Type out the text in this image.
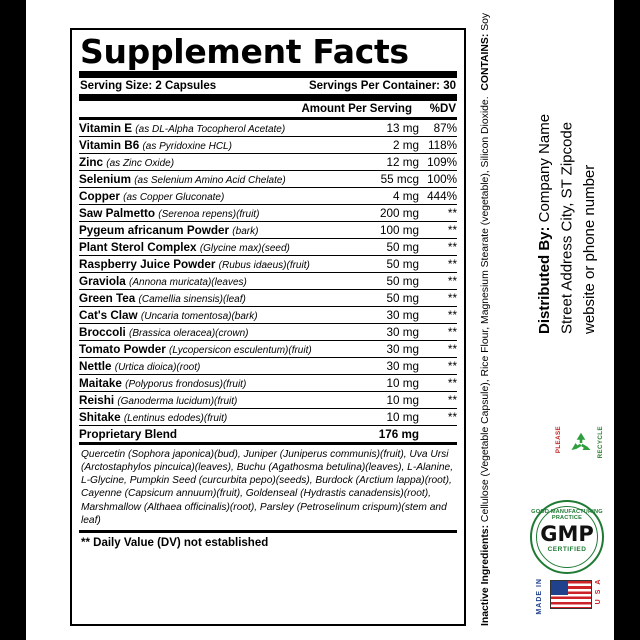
Supplement Facts
Serving Size: 2 Capsules	Servings Per Container: 30
Amount Per Serving	%DV
Vitamin E (as DL-Alpha Tocopherol Acetate)	13 mg	87%
Vitamin B6 (as Pyridoxine HCL)	2 mg	118%
Zinc (as Zinc Oxide)	12 mg	109%
Selenium (as Selenium Amino Acid Chelate)	55 mcg	100%
Copper (as Copper Gluconate)	4 mg	444%
Saw Palmetto (Serenoa repens)(fruit)	200 mg	**
Pygeum africanum Powder (bark)	100 mg	**
Plant Sterol Complex (Glycine max)(seed)	50 mg	**
Raspberry Juice Powder (Rubus idaeus)(fruit)	50 mg	**
Graviola (Annona muricata)(leaves)	50 mg	**
Green Tea (Camellia sinensis)(leaf)	50 mg	**
Cat's Claw (Uncaria tomentosa)(bark)	30 mg	**
Broccoli (Brassica oleracea)(crown)	30 mg	**
Tomato Powder (Lycopersicon esculentum)(fruit)	30 mg	**
Nettle (Urtica dioica)(root)	30 mg	**
Maitake (Polyporus frondosus)(fruit)	10 mg	**
Reishi (Ganoderma lucidum)(fruit)	10 mg	**
Shitake (Lentinus edodes)(fruit)	10 mg	**
Proprietary Blend	176 mg	
Quercetin (Sophora japonica)(bud), Juniper (Juniperus communis)(fruit), Uva Ursi (Arctostaphylos pincuica)(leaves), Buchu (Agathosma betulina)(leaves), L-Alanine, L-Glycine, Pumpkin Seed (curcurbita pepo)(seeds), Burdock (Arctium lappa)(root), Cayenne (Capsicum annuum)(fruit), Goldenseal (Hydrastis canadensis)(root), Marshmallow (Althaea officinalis)(root), Parsley (Petroselinum crispum)(stem and leaf)
** Daily Value (DV) not established	Inactive Ingredients: Cellulose (Vegetable Capsule), Rice Flour, Magnesium Stearate (vegetable), Silicon Dioxide.  CONTAINS: Soy
Distributed By: Company Name Street Address City, ST Zipcode website or phone number
PLEASE	RECYCLE
GOOD MANUFACTURING PRACTICE
GMP
CERTIFIED
MADE IN	U S A
